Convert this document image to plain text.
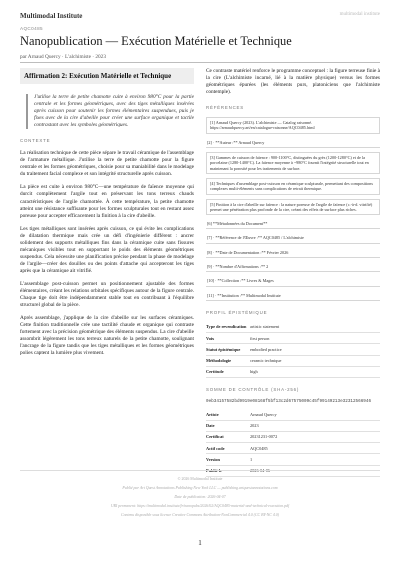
Multimodal Institute	multimodal institute
AQC0485
Nanopublication — Exécution Matérielle et Technique
par Arnaud Quercy · L'alchimiste · 2023
Affirmation 2: Exécution Matérielle et Technique
J'utilise la terre de petite chamotte cuite à environ 980°C pour la partie centrale et les formes géométriques, avec des tiges métalliques insérées après cuisson pour soutenir les formes élémentaires suspendues, puis je fixes avec de la cire d'abeille pour créer une surface organique et tactile contrastant avec les symboles géométriques.
CONTEXTE

La réalisation technique de cette pièce sépare le travail céramique de l'assemblage de l'armature métallique. J'utilise la terre de petite chamotte pour la figure centrale et les formes géométriques, choisie pour sa maniabilité dans le modelage du traitement facial complexe et son intégrité structurelle après cuisson.

La pièce est cuite à environ 980°C—une température de faïence moyenne qui durcit complètement l'argile tout en préservant les tons terreux chauds caractéristiques de l'argile chamottée. À cette température, la petite chamotte atteint une résistance suffisante pour les formes sculpturales tout en restant assez poreuse pour accepter efficacement la finition à la cire d'abeille.

Les tiges métalliques sont insérées après cuisson, ce qui évite les complications de dilatation thermique mais crée un défi d'ingénierie différent : ancrer solidement des supports métalliques fins dans la céramique cuite sans fissures mécaniques visibles tout en supportant le poids des éléments géométriques suspendus. Cela nécessite une planification précise pendant la phase de modelage de l'argile—créer des douilles ou des points d'attache qui accepteront les tiges après que la céramique ait vitrifié.

L'assemblage post-cuisson permet un positionnement ajustable des formes élémentaires, créant les relations orbitales spécifiques autour de la figure centrale. Chaque tige doit être indépendamment stable tout en contribuant à l'équilibre structurel global de la pièce.

Après assemblage, j'applique de la cire d'abeille sur les surfaces céramiques. Cette finition traditionnelle crée une tactilité chaude et organique qui contraste fortement avec la précision géométrique des éléments suspendus. La cire d'abeille assombrit légèrement les tons terreux naturels de la petite chamotte, soulignant l'ancrage de la figure tandis que les tiges métalliques et les formes géométriques polies captent la lumière plus vivement.

Ce contraste matériel renforce le programme conceptuel : la figure terreuse finie à la cire (L'alchimiste incarné, lié à la matière physique) versus les formes géométriques épurées (les éléments purs, platoniciens que l'alchimiste contemple).

RÉFÉRENCES
[1] Arnaud Quercy (2023). L'alchimiste — Catalog raisonné. https://arnaudquercy.art/en/catalogue-raisonne/AQC0485.html
[2] · **Auteur :** Arnaud Quercy
[3] Gammes de cuisson de faïence : 900-1100°C, distinguées du grès (1200-1280°C) et de la porcelaine (1280-1400°C). La faïence moyenne à ~980°C fournit l'intégrité structurelle tout en maintenant la porosité pour les traitements de surface.
[4] Techniques d'assemblage post-cuisson en céramique sculpturale, permettant des compositions complexes multi-éléments sans complications de retrait thermique.
[5] Finition à la cire d'abeille sur faïence : la nature poreuse de l'argile de faïence (c.-à-d. vitrifié) permet une pénétration plus profonde de la cire, créant des effets de surface plus riches.
[6] **Métadonnées du Document**
[7] · **Référence de l'Œuvre :** AQC0485 / L'alchimiste
[8] · **Date de Documentation :** Février 2026
[9] · **Nombre d'Affirmations :** 2
[10] · **Collection :** Livres & Mages
[11] · **Institution :** Multimodal Institute
PROFIL ÉPISTÉMIQUE
Type de revendication	artistic statement
Voix	first person
Statut épistémique	embodied practice
Méthodologie	ceramic technique
Certitude	high
SOMME DE CONTRÔLE (SHA-256)
0eb34157582bd9919e08168f5bf13c2d67575009c45f99149213e32312566946
Artiste	Arnaud Quercy
Date	2023
Certificat	20231231-0072
Actif code	AQC0485
Version	1
Publié le	2026-04-06
© 2026 Multimodal Institute
Publié par Art Quest Annotations Publishing New York LLC — publishing.artquestannotations.com
Date de publication: 2026-04-07
URI permanent: https://multimodal.institute/fr/nanopubs/2026/02/AQC0485-material-and-technical-execution.pdf
Contenu disponible sous licence Creative Commons Attribution-NonCommercial 4.0 (CC BY-NC 4.0)
1
